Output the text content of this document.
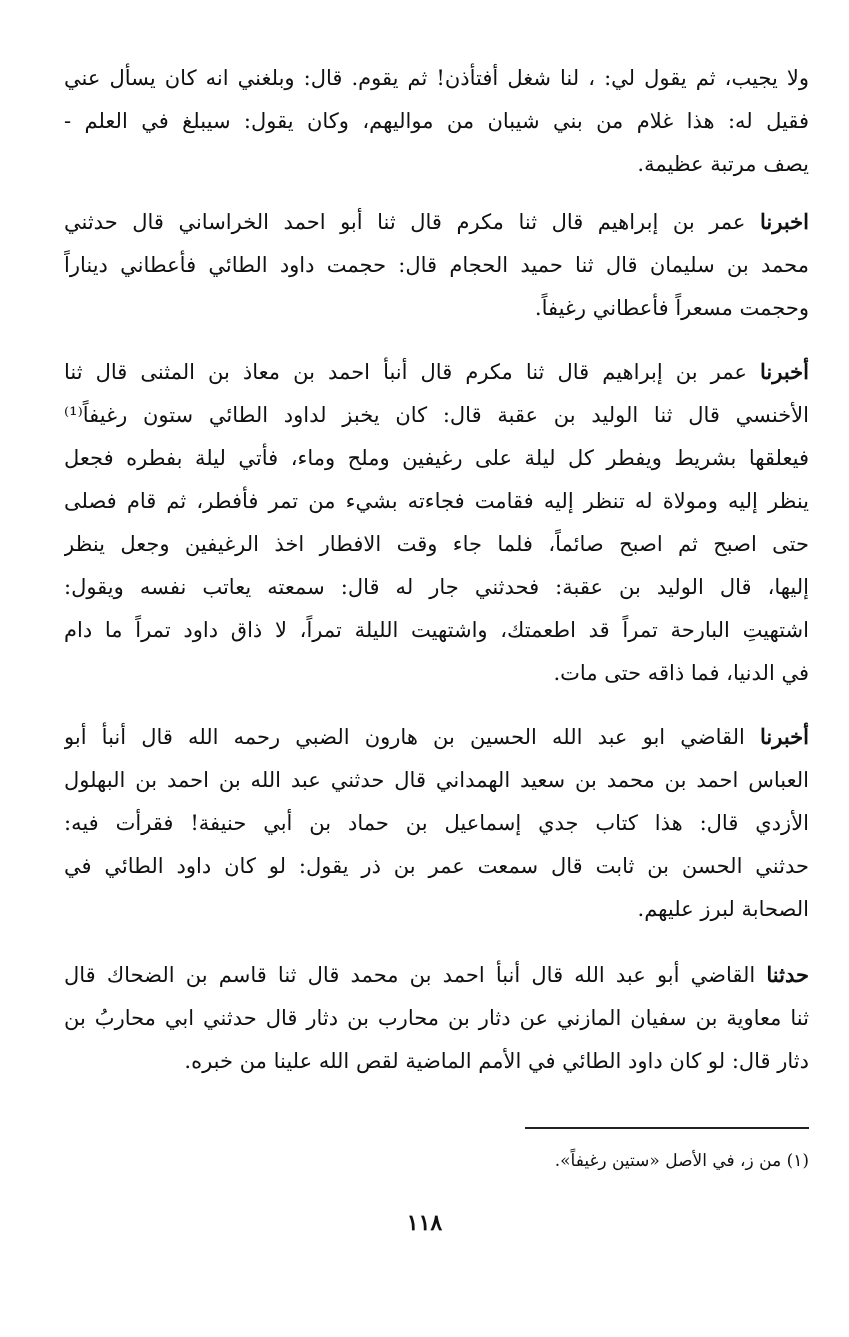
ولا يجيب، ثم يقول لي: ، لنا شغل أفتأذن! ثم يقوم. قال: وبلغني انه كان يسأل عني
فقيل له: هذا غلام من بني شيبان من مواليهم، وكان يقول: سيبلغ في العلم -
يصف مرتبة عظيمة.
اخبرنا عمر بن إبراهيم قال ثنا مكرم قال ثنا أبو احمد الخراساني قال حدثني
محمد بن سليمان قال ثنا حميد الحجام قال: حجمت داود الطائي فأعطاني ديناراً
وحجمت مسعراً فأعطاني رغيفاً.
أخبرنا عمر بن إبراهيم قال ثنا مكرم قال أنبأ احمد بن معاذ بن المثنى قال ثنا
الأخنسي قال ثنا الوليد بن عقبة قال: كان يخبز لداود الطائي ستون رغيفاً⁽¹⁾
فيعلقها بشريط ويفطر كل ليلة على رغيفين وملح وماء، فأتي ليلة بفطره فجعل
ينظر إليه ومولاة له تنظر إليه فقامت فجاءته بشيء من تمر فأفطر، ثم قام فصلى
حتى اصبح ثم اصبح صائماً، فلما جاء وقت الافطار اخذ الرغيفين وجعل ينظر
إليها، قال الوليد بن عقبة: فحدثني جار له قال: سمعته يعاتب نفسه ويقول:
اشتهيتِ البارحة تمراً قد اطعمتك، واشتهيت الليلة تمراً، لا ذاق داود تمراً ما دام
في الدنيا، فما ذاقه حتى مات.
أخبرنا القاضي ابو عبد الله الحسين بن هارون الضبي رحمه الله قال أنبأ أبو
العباس احمد بن محمد بن سعيد الهمداني قال حدثني عبد الله بن احمد بن البهلول
الأزدي قال: هذا كتاب جدي إسماعيل بن حماد بن أبي حنيفة! فقرأت فيه:
حدثني الحسن بن ثابت قال سمعت عمر بن ذر يقول: لو كان داود الطائي في
الصحابة لبرز عليهم.
حدثنا القاضي أبو عبد الله قال أنبأ احمد بن محمد قال ثنا قاسم بن الضحاك قال
ثنا معاوية بن سفيان المازني عن دثار بن محارب بن دثار قال حدثني ابي محاربُ بن
دثار قال: لو كان داود الطائي في الأمم الماضية لقص الله علينا من خبره.
(١) من ز، في الأصل «ستين رغيفاً».
١١٨
